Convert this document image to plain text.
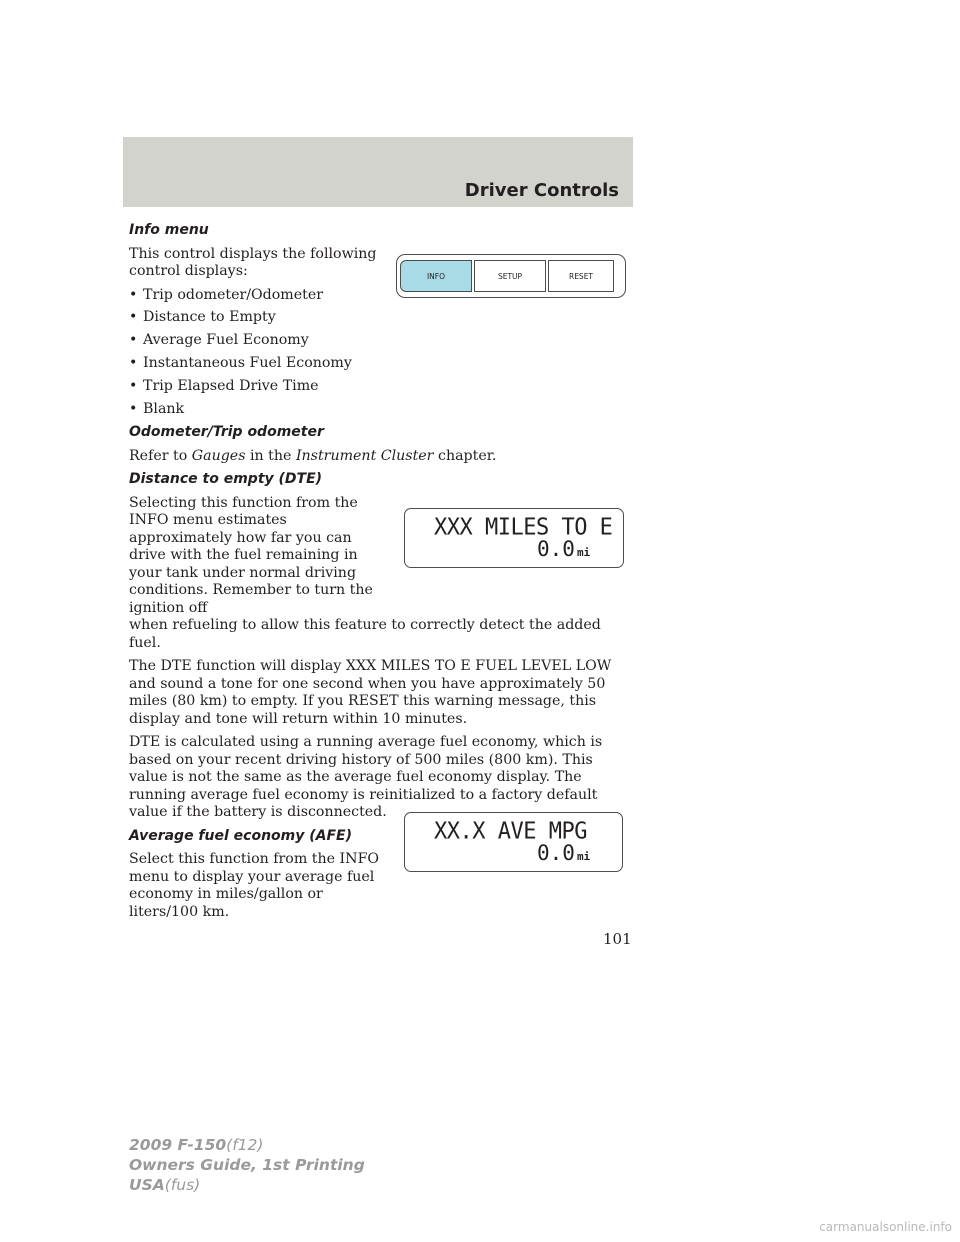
Driver Controls
Info menu

This control displays the following control displays:

• Trip odometer/Odometer
• Distance to Empty
• Average Fuel Economy
• Instantaneous Fuel Economy
• Trip Elapsed Drive Time
• Blank
Odometer/Trip odometer

Refer to Gauges in the Instrument Cluster chapter.

Distance to empty (DTE)

Selecting this function from the INFO menu estimates approximately how far you can drive with the fuel remaining in your tank under normal driving conditions. Remember to turn the ignition off
when refueling to allow this feature to correctly detect the added fuel.

The DTE function will display XXX MILES TO E FUEL LEVEL LOW and sound a tone for one second when you have approximately 50 miles (80 km) to empty. If you RESET this warning message, this display and tone will return within 10 minutes.

DTE is calculated using a running average fuel economy, which is based on your recent driving history of 500 miles (800 km). This value is not the same as the average fuel economy display. The running average fuel economy is reinitialized to a factory default value if the battery is disconnected.

Average fuel economy (AFE)

Select this function from the INFO menu to display your average fuel economy in miles/gallon or liters/100 km.

INFO	SETUP	RESET
XXX MILES TO E
0.0 mi
XX.X AVE MPG
0.0 mi
101
2009 F-150(f12)
Owners Guide, 1st Printing
USA(fus)
carmanualsonline.info
